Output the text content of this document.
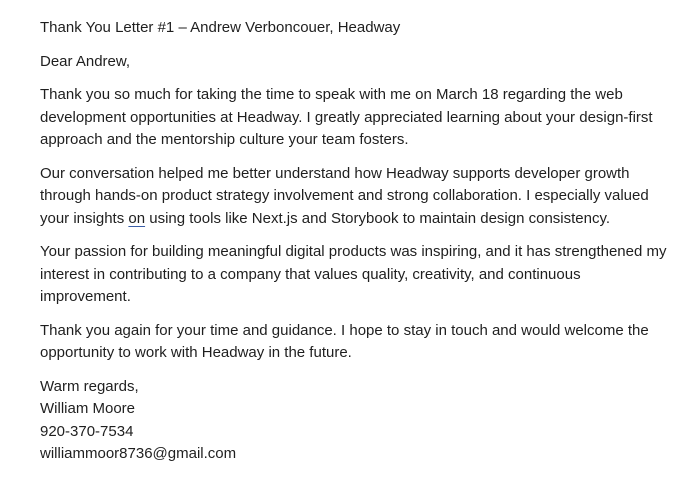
Thank You Letter #1 – Andrew Verboncouer, Headway

Dear Andrew,

Thank you so much for taking the time to speak with me on March 18 regarding the web development opportunities at Headway. I greatly appreciated learning about your design-first approach and the mentorship culture your team fosters.

Our conversation helped me better understand how Headway supports developer growth through hands-on product strategy involvement and strong collaboration. I especially valued your insights on using tools like Next.js and Storybook to maintain design consistency.

Your passion for building meaningful digital products was inspiring, and it has strengthened my interest in contributing to a company that values quality, creativity, and continuous improvement.

Thank you again for your time and guidance. I hope to stay in touch and would welcome the opportunity to work with Headway in the future.

Warm regards,
William Moore
920-370-7534
williammoor8736@gmail.com
